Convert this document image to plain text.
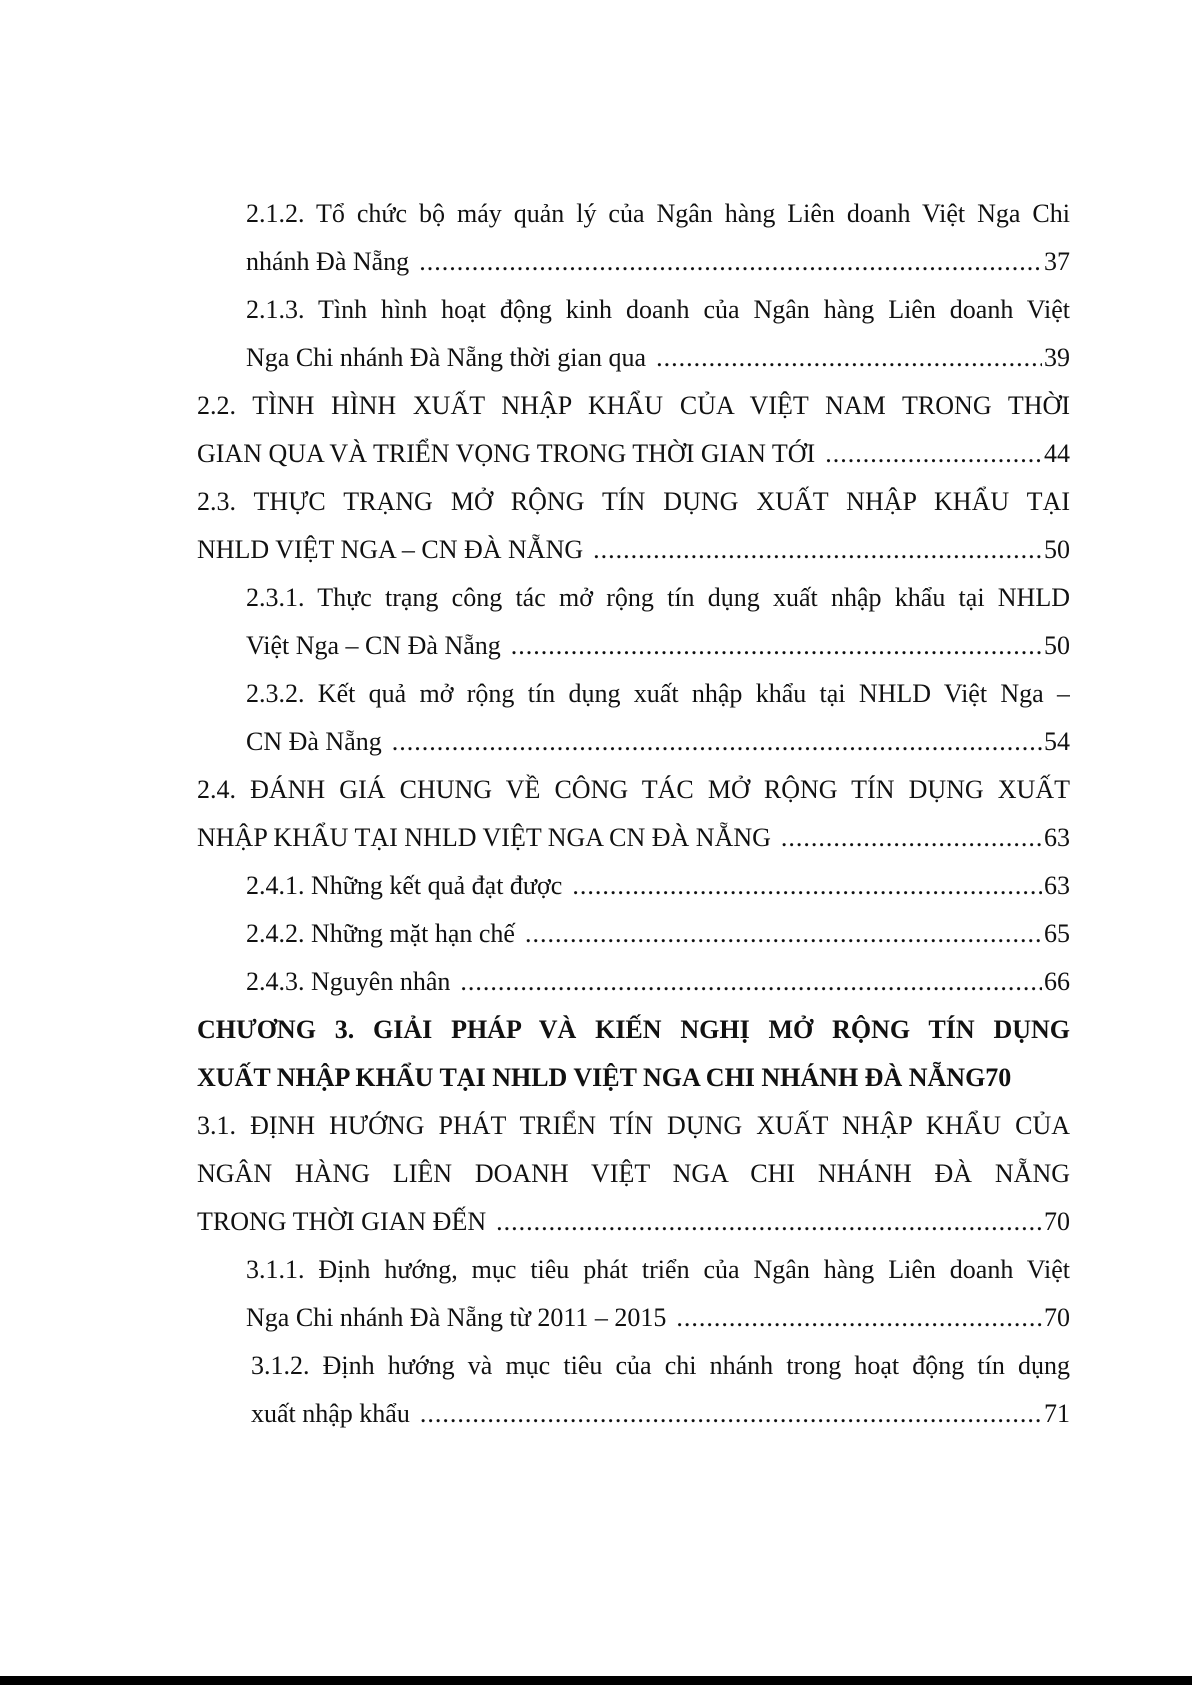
2.1.2. Tổ chức bộ máy quản lý của Ngân hàng Liên doanh Việt Nga Chi
nhánh Đà Nẵng .....	37
2.1.3. Tình hình hoạt động kinh doanh của Ngân hàng Liên doanh Việt
Nga Chi nhánh Đà Nẵng thời gian qua .....	39
2.2. TÌNH HÌNH XUẤT NHẬP KHẨU CỦA VIỆT NAM TRONG THỜI
GIAN QUA VÀ TRIỂN VỌNG TRONG THỜI GIAN TỚI .....	44
2.3. THỰC TRẠNG MỞ RỘNG TÍN DỤNG XUẤT NHẬP KHẨU TẠI
NHLD VIỆT NGA – CN ĐÀ NẴNG .....	50
2.3.1. Thực trạng công tác mở rộng tín dụng xuất nhập khẩu tại NHLD
Việt Nga – CN Đà Nẵng .....	50
2.3.2. Kết quả mở rộng tín dụng xuất nhập khẩu tại NHLD Việt Nga –
CN Đà Nẵng .....	54
2.4. ĐÁNH GIÁ CHUNG VỀ CÔNG TÁC MỞ RỘNG TÍN DỤNG XUẤT
NHẬP KHẨU TẠI NHLD VIỆT NGA CN ĐÀ NẴNG .....	63
2.4.1. Những kết quả đạt được .....	63
2.4.2. Những mặt hạn chế .....	65
2.4.3. Nguyên nhân .....	66
CHƯƠNG 3. GIẢI PHÁP VÀ KIẾN NGHỊ MỞ RỘNG TÍN DỤNG
XUẤT NHẬP KHẨU TẠI NHLD VIỆT NGA CHI NHÁNH ĐÀ NẴNG70
3.1. ĐỊNH HƯỚNG PHÁT TRIỂN TÍN DỤNG XUẤT NHẬP KHẨU CỦA
NGÂN HÀNG LIÊN DOANH VIỆT NGA CHI NHÁNH ĐÀ NẴNG
TRONG THỜI GIAN ĐẾN .....	70
3.1.1. Định hướng, mục tiêu phát triển của Ngân hàng Liên doanh Việt
Nga Chi nhánh Đà Nẵng từ 2011 – 2015 .....	70
3.1.2. Định hướng và mục tiêu của chi nhánh trong hoạt động tín dụng
xuất nhập khẩu .....	71
